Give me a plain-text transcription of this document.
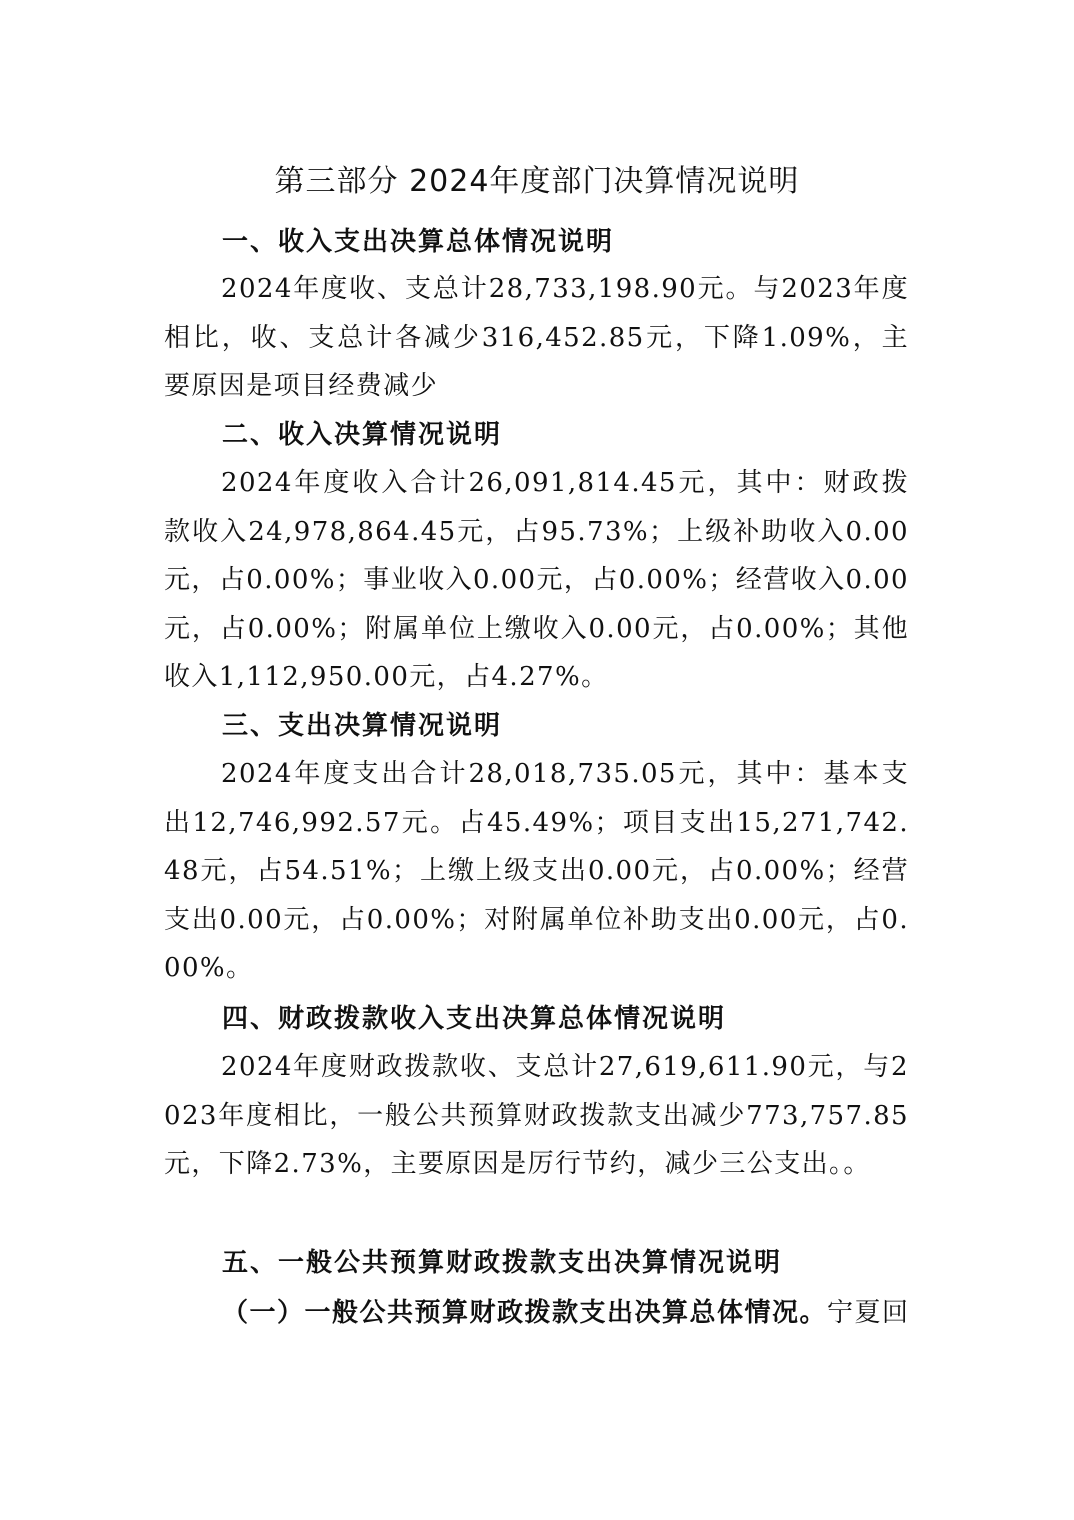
第三部分 2024年度部门决算情况说明
一、收入支出决算总体情况说明

2024年度收、支总计28,733,198.90元。与2023年度相比，收、支总计各减少316,452.85元，下降1.09%，主要原因是项目经费减少

二、收入决算情况说明

2024年度收入合计26,091,814.45元，其中：财政拨款收入24,978,864.45元，占95.73%；上级补助收入0.00元，占0.00%；事业收入0.00元，占0.00%；经营收入0.00元，占0.00%；附属单位上缴收入0.00元，占0.00%；其他收入1,112,950.00元，占4.27%。

三、支出决算情况说明

2024年度支出合计28,018,735.05元，其中：基本支出12,746,992.57元。占45.49%；项目支出15,271,742.48元，占54.51%；上缴上级支出0.00元，占0.00%；经营支出0.00元，占0.00%；对附属单位补助支出0.00元，占0.00%。

四、财政拨款收入支出决算总体情况说明

2024年度财政拨款收、支总计27,619,611.90元，与2023年度相比，一般公共预算财政拨款支出减少773,757.85元，下降2.73%，主要原因是厉行节约，减少三公支出。。

五、一般公共预算财政拨款支出决算情况说明

（一）一般公共预算财政拨款支出决算总体情况。宁夏回
